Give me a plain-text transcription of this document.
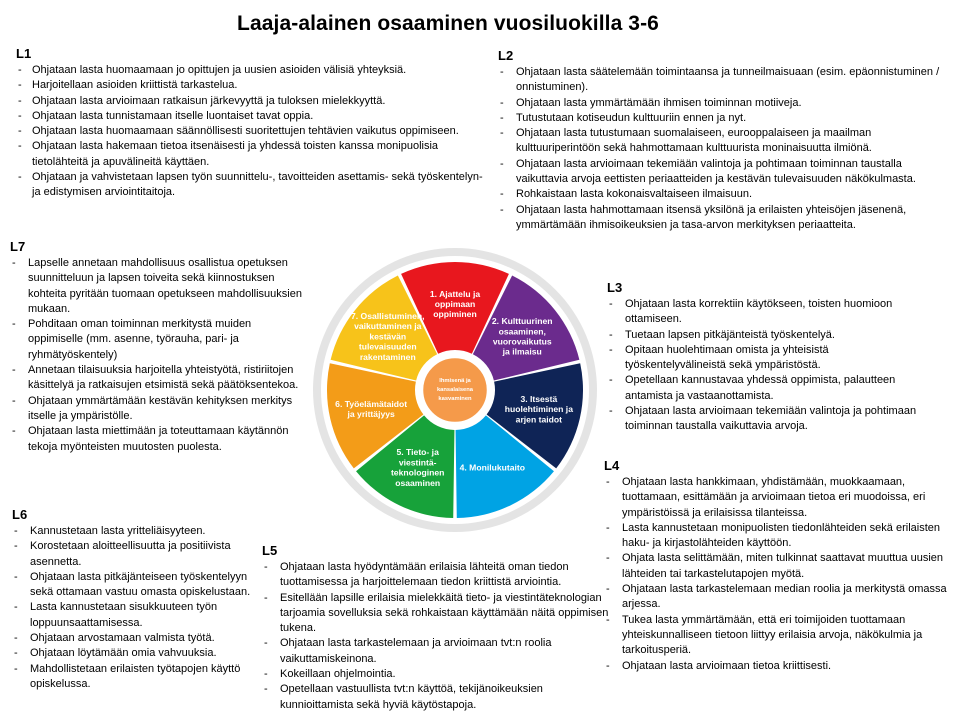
Laaja-alainen osaaminen vuosiluokilla 3-6
L1
- Ohjataan lasta huomaamaan jo opittujen ja uusien asioiden välisiä yhteyksiä.
- Harjoitellaan asioiden kriittistä tarkastelua.
- Ohjataan lasta arvioimaan ratkaisun järkevyyttä ja tuloksen mielekkyyttä.
- Ohjataan lasta tunnistamaan itselle luontaiset tavat oppia.
- Ohjataan lasta huomaamaan säännöllisesti suoritettujen tehtävien vaikutus oppimiseen.
- Ohjataan lasta hakemaan tietoa itsenäisesti ja yhdessä toisten kanssa monipuolisia tietolähteitä ja apuvälineitä käyttäen.
- Ohjataan ja vahvistetaan lapsen työn suunnittelu-, tavoitteiden asettamis- sekä työskentelyn- ja edistymisen arviointitaitoja.
L2
- Ohjataan lasta säätelemään toimintaansa ja tunneilmaisuaan (esim. epäonnistuminen / onnistuminen).
- Ohjataan lasta ymmärtämään ihmisen toiminnan motiiveja.
- Tutustutaan kotiseudun kulttuuriin ennen ja nyt.
- Ohjataan lasta tutustumaan suomalaiseen, eurooppalaiseen ja maailman kulttuuriperintöön sekä hahmottamaan kulttuurista moninaisuutta ilmiönä.
- Ohjataan lasta arvioimaan tekemiään valintoja ja pohtimaan toiminnan taustalla vaikuttavia arvoja eettisten periaatteiden ja kestävän tulevaisuuden näkökulmasta.
- Rohkaistaan lasta kokonaisvaltaiseen ilmaisuun.
- Ohjataan lasta hahmottamaan itsensä yksilönä ja erilaisten yhteisöjen jäsenenä, ymmärtämään ihmisoikeuksien ja tasa-arvon merkityksen periaatteita.
L3
- Ohjataan lasta korrektiin käytökseen, toisten huomioon ottamiseen.
- Tuetaan lapsen pitkäjänteistä työskentelyä.
- Opitaan huolehtimaan omista ja yhteisistä työskentelyvälineistä sekä ympäristöstä.
- Opetellaan kannustavaa yhdessä oppimista, palautteen antamista ja vastaanottamista.
- Ohjataan lasta arvioimaan tekemiään valintoja ja pohtimaan toiminnan taustalla vaikuttavia arvoja.
L4
- Ohjataan lasta hankkimaan, yhdistämään, muokkaamaan, tuottamaan, esittämään ja arvioimaan tietoa eri muodoissa, eri ympäristöissä ja erilaisissa tilanteissa.
- Lasta kannustetaan monipuolisten tiedonlähteiden sekä erilaisten haku- ja kirjastolähteiden käyttöön.
- Ohjata lasta selittämään, miten tulkinnat saattavat muuttua uusien lähteiden tai tarkastelutapojen myötä.
- Ohjataan lasta tarkastelemaan median roolia ja merkitystä omassa arjessa.
- Tukea lasta ymmärtämään, että eri toimijoiden tuottamaan yhteiskunnalliseen tietoon liittyy erilaisia arvoja, näkökulmia ja tarkoitusperiä.
- Ohjataan lasta arvioimaan tietoa kriittisesti.
L5
- Ohjataan lasta hyödyntämään erilaisia lähteitä oman tiedon tuottamisessa ja harjoittelemaan tiedon kriittistä arviointia.
- Esitellään lapsille erilaisia mielekkäitä tieto- ja viestintäteknologian tarjoamia sovelluksia sekä rohkaistaan käyttämään näitä oppimisen tukena.
- Ohjataan lasta tarkastelemaan ja arvioimaan tvt:n roolia vaikuttamiskeinona.
- Kokeillaan ohjelmointia.
- Opetellaan vastuullista tvt:n käyttöä, tekijänoikeuksien kunnioittamista sekä hyviä käytöstapoja.
L6
- Kannustetaan lasta yritteliäisyyteen.
- Korostetaan aloitteellisuutta ja positiivista asennetta.
- Ohjataan lasta pitkäjänteiseen työskentelyyn sekä ottamaan vastuu omasta opiskelustaan.
- Lasta kannustetaan sisukkuuteen työn loppuunsaattamisessa.
- Ohjataan arvostamaan valmista työtä.
- Ohjataan löytämään omia vahvuuksia.
- Mahdollistetaan erilaisten työtapojen käyttö opiskelussa.
L7
- Lapselle annetaan mahdollisuus osallistua opetuksen suunnitteluun ja lapsen toiveita sekä kiinnostuksen kohteita pyritään tuomaan opetukseen mahdollisuuksien mukaan.
- Pohditaan oman toiminnan merkitystä muiden oppimiselle (mm. asenne, työrauha, pari- ja ryhmätyöskentely)
- Annetaan tilaisuuksia harjoitella yhteistyötä, ristiriitojen käsittelyä ja ratkaisujen etsimistä sekä päätöksentekoa.
- Ohjataan ymmärtämään kestävän kehityksen merkitys itselle ja ympäristölle.
- Ohjataan lasta miettimään ja toteuttamaan käytännön tekoja myönteisten muutosten puolesta.
1. Ajattelu ja oppimaan oppiminen
2. Kulttuurinen osaaminen, vuorovaikutus ja ilmaisu
3. Itsestä huolehtiminen ja arjen taidot
4. Monilukutaito
5. Tieto- ja viestintä-teknologinen osaaminen
6. Työelämätaidot ja yrittäjyys
7. Osallistuminen, vaikuttaminen ja kestävän tulevaisuuden rakentaminen
Ihmisenä ja kansalaisena kasvaminen
